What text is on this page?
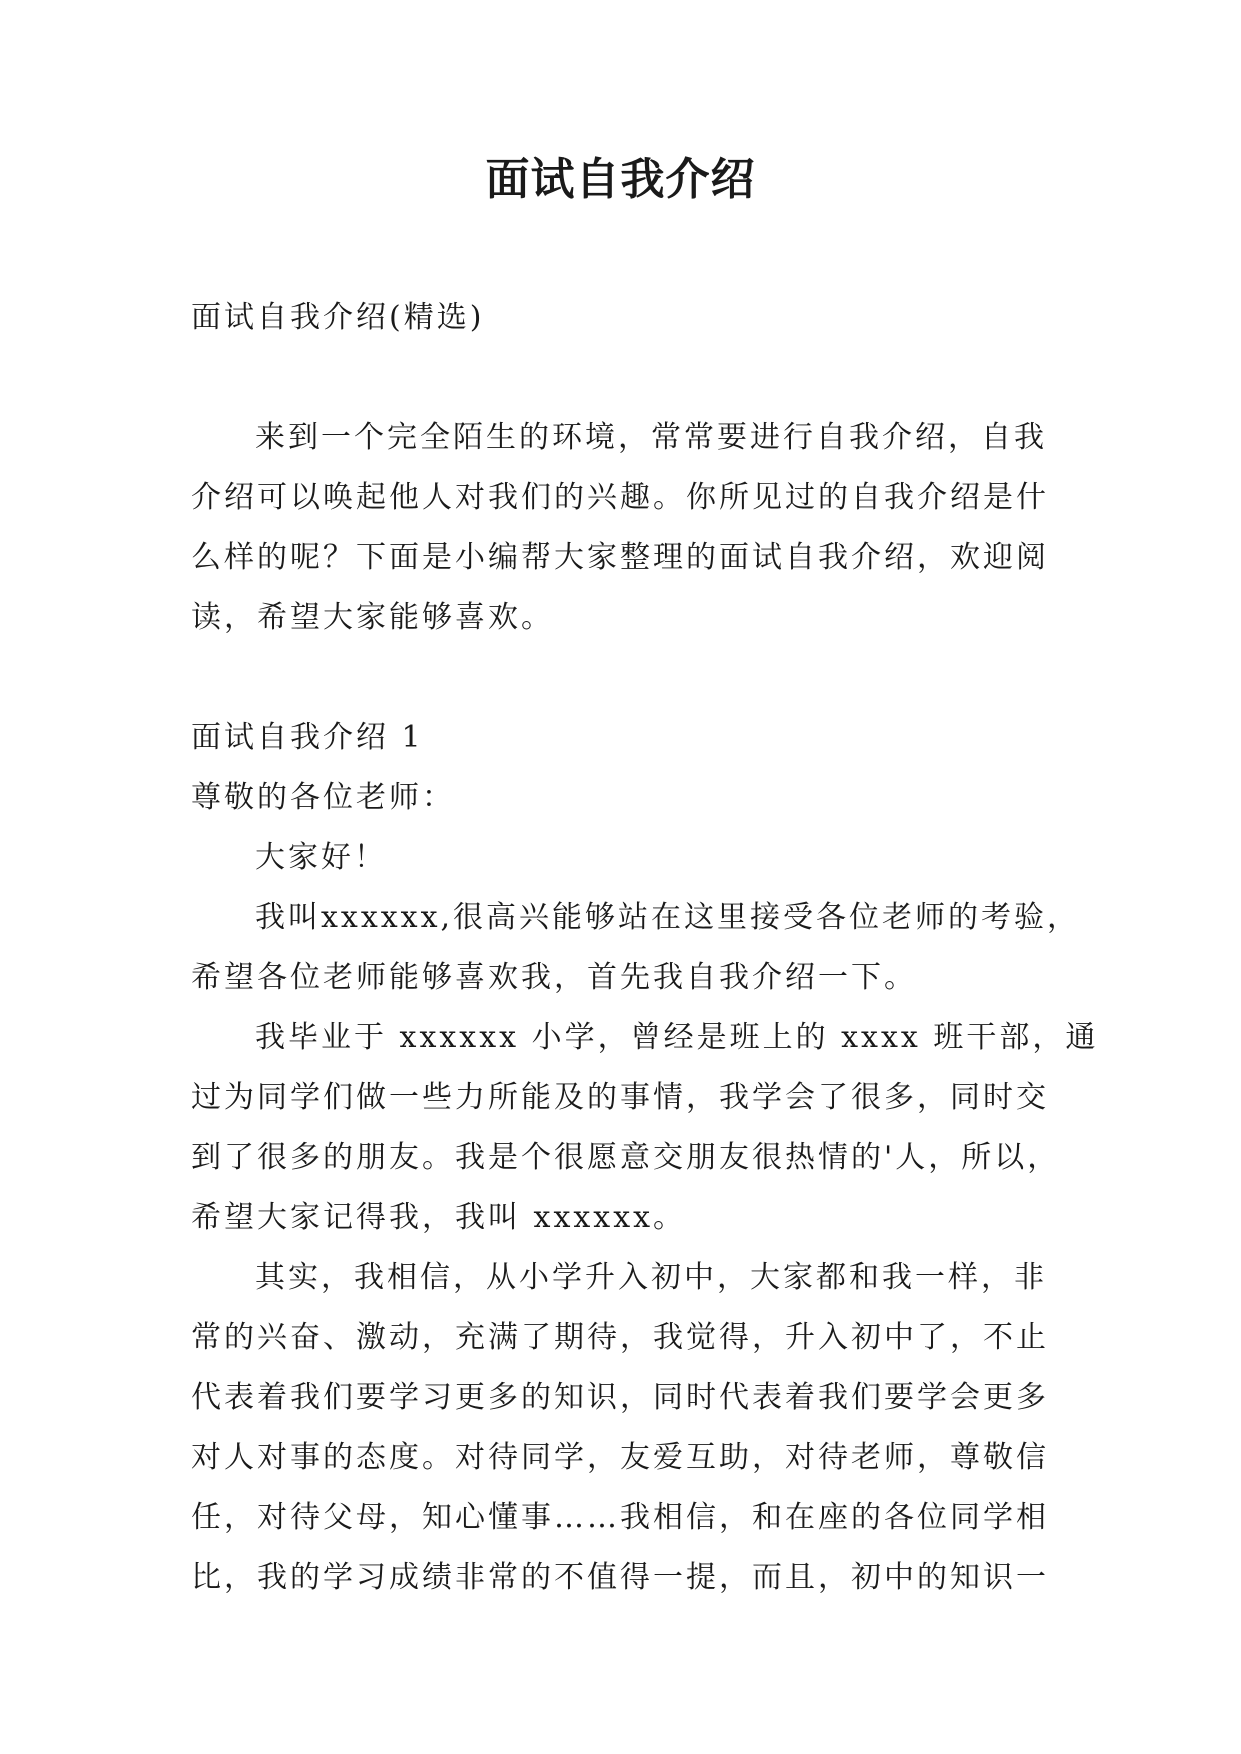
面试自我介绍
面试自我介绍(精选)
来到一个完全陌生的环境，常常要进行自我介绍，自我
介绍可以唤起他人对我们的兴趣。你所见过的自我介绍是什
么样的呢？下面是小编帮大家整理的面试自我介绍，欢迎阅
读，希望大家能够喜欢。
面试自我介绍 1
尊敬的各位老师：
大家好！
我叫xxxxxx,很高兴能够站在这里接受各位老师的考验，
希望各位老师能够喜欢我，首先我自我介绍一下。
我毕业于 xxxxxx 小学，曾经是班上的 xxxx 班干部，通
过为同学们做一些力所能及的事情，我学会了很多，同时交
到了很多的朋友。我是个很愿意交朋友很热情的'人，所以，
希望大家记得我，我叫 xxxxxx。
其实，我相信，从小学升入初中，大家都和我一样，非
常的兴奋、激动，充满了期待，我觉得，升入初中了，不止
代表着我们要学习更多的知识，同时代表着我们要学会更多
对人对事的态度。对待同学，友爱互助，对待老师，尊敬信
任，对待父母，知心懂事……我相信，和在座的各位同学相
比，我的学习成绩非常的不值得一提，而且，初中的知识一
